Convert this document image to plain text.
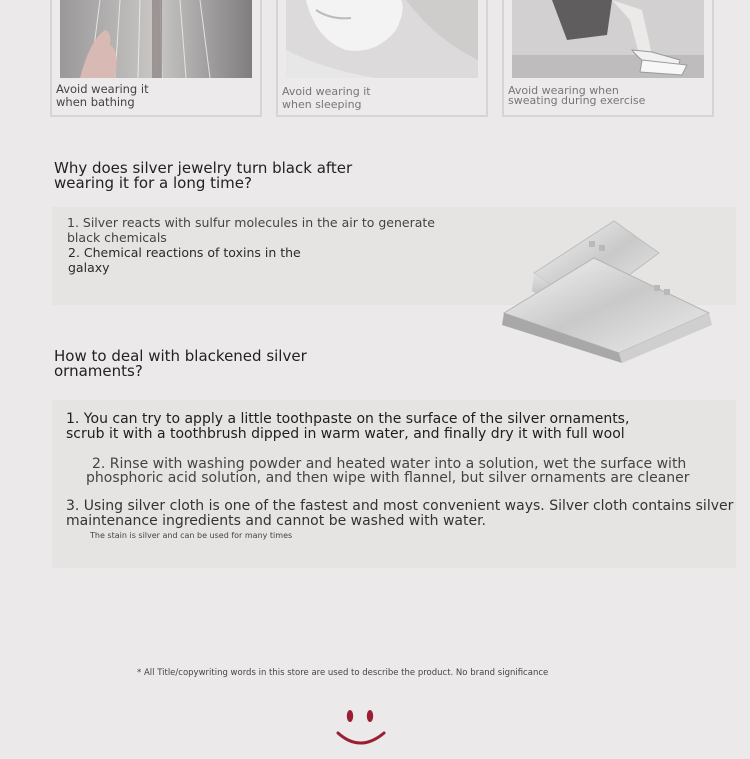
Avoid wearing it
when bathing
Avoid wearing it
when sleeping
Avoid wearing when
sweating during exercise
Why does silver jewelry turn black after wearing it for a long time?

1. Silver reacts with sulfur molecules in the air to generate black chemicals

2. Chemical reactions of toxins in the galaxy

How to deal with blackened silver ornaments?

1. You can try to apply a little toothpaste on the surface of the silver ornaments, scrub it with a toothbrush dipped in warm water, and finally dry it with full wool

2. Rinse with washing powder and heated water into a solution, wet the surface with phosphoric acid solution, and then wipe with flannel, but silver ornaments are cleaner

3. Using silver cloth is one of the fastest and most convenient ways. Silver cloth contains silver maintenance ingredients and cannot be washed with water.

The stain is silver and can be used for many times

* All Title/copywriting words in this store are used to describe the product. No brand significance
